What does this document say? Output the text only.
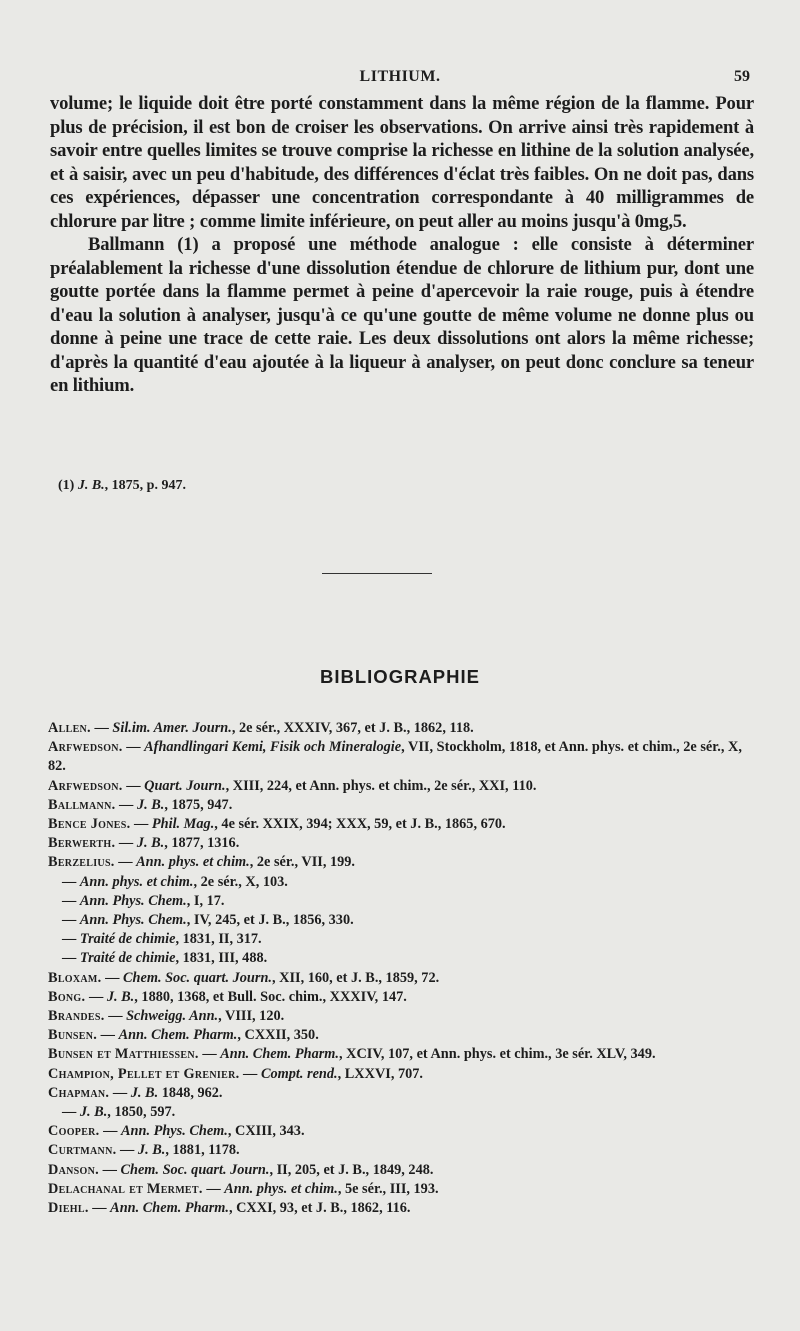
LITHIUM.	59

volume; le liquide doit être porté constamment dans la même région de la flamme. Pour plus de précision, il est bon de croiser les observations. On arrive ainsi très rapidement à savoir entre quelles limites se trouve comprise la richesse en lithine de la solution analysée, et à saisir, avec un peu d'habitude, des différences d'éclat très faibles. On ne doit pas, dans ces expériences, dépasser une concentration correspondante à 40 milligrammes de chlorure par litre ; comme limite inférieure, on peut aller au moins jusqu'à 0mg,5.

Ballmann (1) a proposé une méthode analogue : elle consiste à déterminer préalablement la richesse d'une dissolution étendue de chlorure de lithium pur, dont une goutte portée dans la flamme permet à peine d'apercevoir la raie rouge, puis à étendre d'eau la solution à analyser, jusqu'à ce qu'une goutte de même volume ne donne plus ou donne à peine une trace de cette raie. Les deux dissolutions ont alors la même richesse; d'après la quantité d'eau ajoutée à la liqueur à analyser, on peut donc conclure sa teneur en lithium.

(1) J. B., 1875, p. 947.
BIBLIOGRAPHIE
Allen. — Sil.im. Amer. Journ., 2e sér., XXXIV, 367, et J. B., 1862, 118.
Arfwedson. — Afhandlingari Kemi, Fisik och Mineralogie, VII, Stockholm, 1818, et Ann. phys. et chim., 2e sér., X, 82.
Arfwedson. — Quart. Journ., XIII, 224, et Ann. phys. et chim., 2e sér., XXI, 110.
Ballmann. — J. B., 1875, 947.
Bence Jones. — Phil. Mag., 4e sér. XXIX, 394; XXX, 59, et J. B., 1865, 670.
Berwerth. — J. B., 1877, 1316.
Berzelius. — Ann. phys. et chim., 2e sér., VII, 199.
— Ann. phys. et chim., 2e sér., X, 103.
— Ann. Phys. Chem., I, 17.
— Ann. Phys. Chem., IV, 245, et J. B., 1856, 330.
— Traité de chimie, 1831, II, 317.
— Traité de chimie, 1831, III, 488.
Bloxam. — Chem. Soc. quart. Journ., XII, 160, et J. B., 1859, 72.
Bong. — J. B., 1880, 1368, et Bull. Soc. chim., XXXIV, 147.
Brandes. — Schweigg. Ann., VIII, 120.
Bunsen. — Ann. Chem. Pharm., CXXII, 350.
Bunsen et Matthiessen. — Ann. Chem. Pharm., XCIV, 107, et Ann. phys. et chim., 3e sér. XLV, 349.
Champion, Pellet et Grenier. — Compt. rend., LXXVI, 707.
Chapman. — J. B. 1848, 962.
— J. B., 1850, 597.
Cooper. — Ann. Phys. Chem., CXIII, 343.
Curtmann. — J. B., 1881, 1178.
Danson. — Chem. Soc. quart. Journ., II, 205, et J. B., 1849, 248.
Delachanal et Mermet. — Ann. phys. et chim., 5e sér., III, 193.
Diehl. — Ann. Chem. Pharm., CXXI, 93, et J. B., 1862, 116.
